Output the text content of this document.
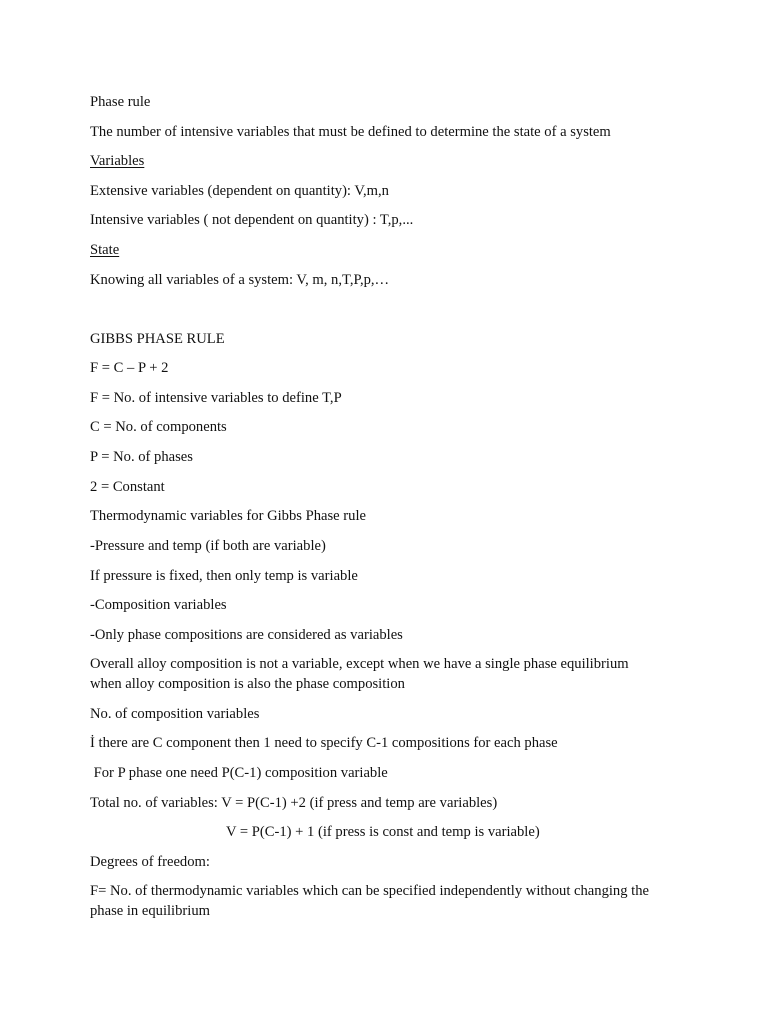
Phase rule
The number of intensive variables that must be defined to determine the state of a system
Variables
Extensive variables (dependent on quantity): V,m,n
Intensive variables ( not dependent on quantity) : T,p,...
State
Knowing all variables of a system: V, m, n,T,P,p,…
GIBBS PHASE RULE
F = C – P + 2
F = No. of intensive variables to define T,P
C = No. of components
P = No. of phases
2 = Constant
Thermodynamic variables for Gibbs Phase rule
-Pressure and temp (if both are variable)
If pressure is fixed, then only temp is variable
-Composition variables
-Only phase compositions are considered as variables
Overall alloy composition is not a variable, except when we have a single phase equilibrium
when alloy composition is also the phase composition
No. of composition variables
İ there are C component then 1 need to specify C-1 compositions for each phase
For P phase one need P(C-1) composition variable
Total no. of variables: V = P(C-1) +2 (if press and temp are variables)
V = P(C-1) + 1 (if press is const and temp is variable)
Degrees of freedom:
F= No. of thermodynamic variables which can be specified independently without changing the
phase in equilibrium
